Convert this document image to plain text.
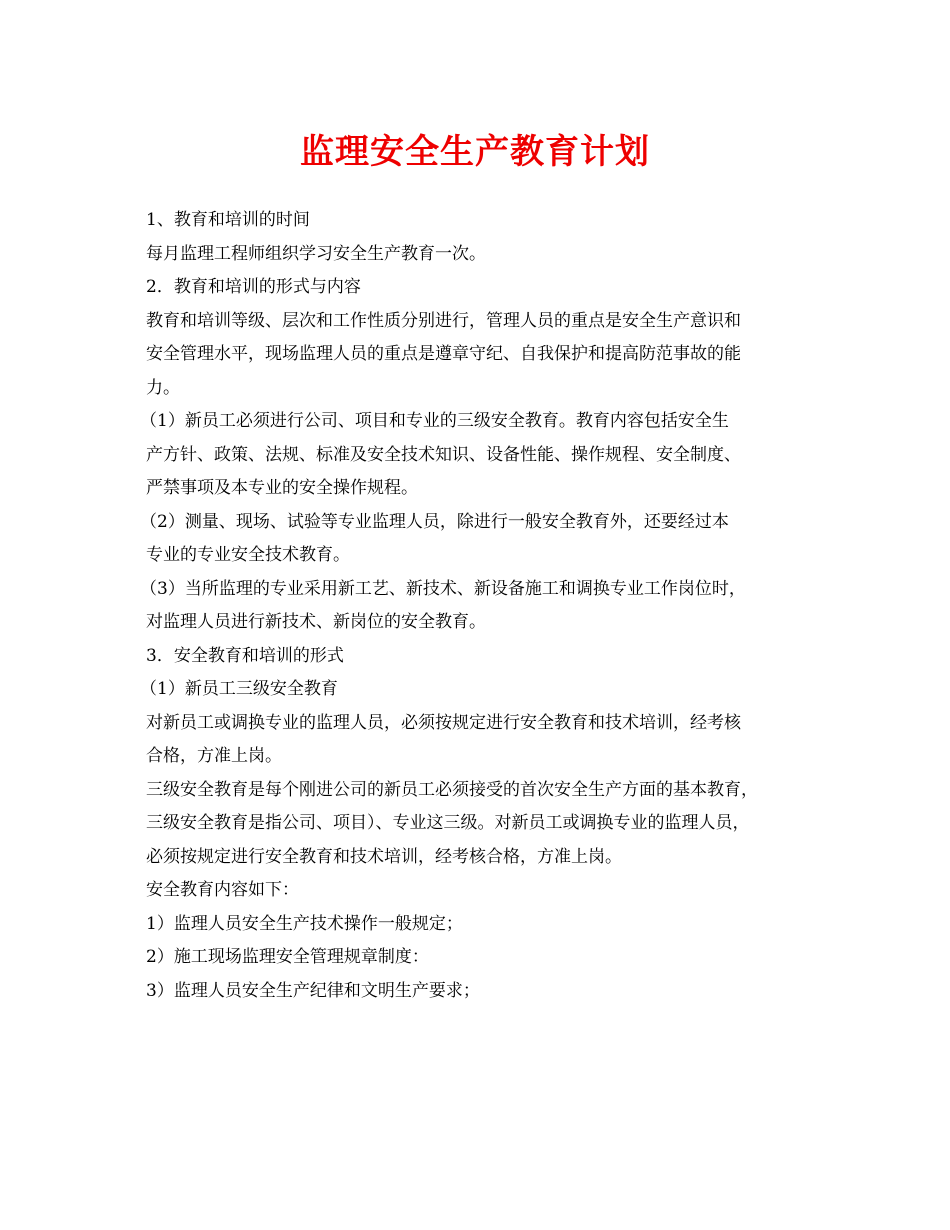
监理安全生产教育计划
1、教育和培训的时间
每月监理工程师组织学习安全生产教育一次。
2．教育和培训的形式与内容
教育和培训等级、层次和工作性质分别进行，管理人员的重点是安全生产意识和
安全管理水平，现场监理人员的重点是遵章守纪、自我保护和提高防范事故的能
力。
（1）新员工必须进行公司、项目和专业的三级安全教育。教育内容包括安全生
产方针、政策、法规、标准及安全技术知识、设备性能、操作规程、安全制度、
严禁事项及本专业的安全操作规程。
（2）测量、现场、试验等专业监理人员，除进行一般安全教育外，还要经过本
专业的专业安全技术教育。
（3）当所监理的专业采用新工艺、新技术、新设备施工和调换专业工作岗位时，
对监理人员进行新技术、新岗位的安全教育。
3．安全教育和培训的形式
（1）新员工三级安全教育
对新员工或调换专业的监理人员，必须按规定进行安全教育和技术培训，经考核
合格，方准上岗。
三级安全教育是每个刚进公司的新员工必须接受的首次安全生产方面的基本教育，
三级安全教育是指公司、项目）、专业这三级。对新员工或调换专业的监理人员，
必须按规定进行安全教育和技术培训，经考核合格，方准上岗。
安全教育内容如下：
1）监理人员安全生产技术操作一般规定；
2）施工现场监理安全管理规章制度：
3）监理人员安全生产纪律和文明生产要求；
